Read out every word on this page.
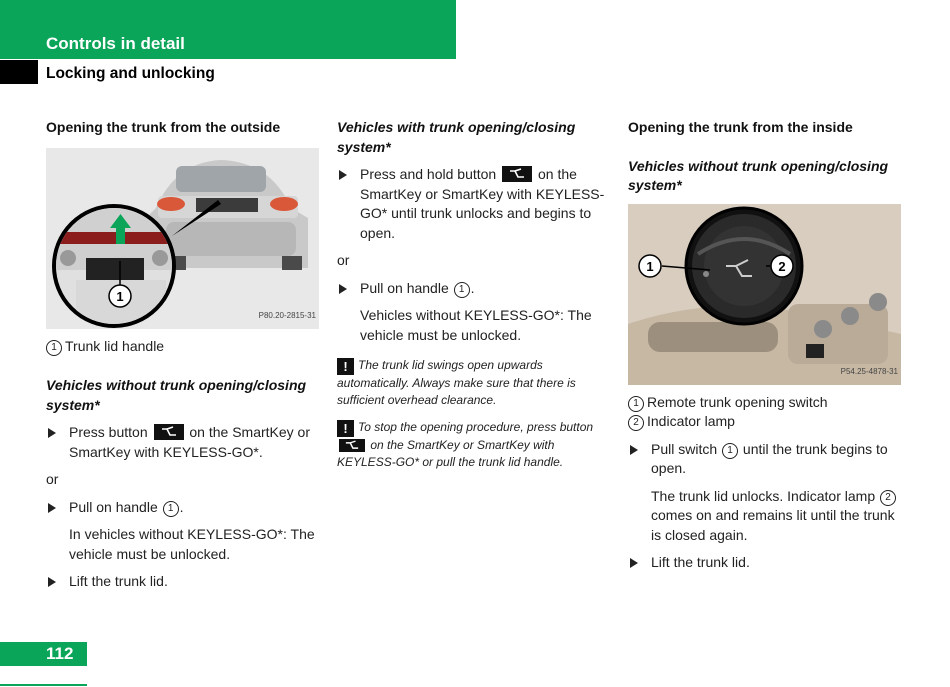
Controls in detail
Locking and unlocking
Opening the trunk from the outside
1
P80.20-2815-31
1 Trunk lid handle
Vehicles without trunk opening/closing system*
Press button	on the SmartKey or SmartKey with KEYLESS-GO*.
or
Pull on handle 1 .
In vehicles without KEYLESS-GO*: The vehicle must be unlocked.
Lift the trunk lid.
Vehicles with trunk opening/closing system*
Press and hold button	on the SmartKey or SmartKey with KEYLESS-GO* until trunk unlocks and begins to open.
or
Pull on handle 1 .
Vehicles without KEYLESS-GO*: The vehicle must be unlocked.
! The trunk lid swings open upwards automatically. Always make sure that there is sufficient overhead clearance.
! To stop the opening procedure, press button
on the SmartKey or SmartKey with KEYLESS-GO* or pull the trunk lid handle.
Opening the trunk from the inside
Vehicles without trunk opening/closing system*
1	2
P54.25-4878-31
1 Remote trunk opening switch
2 Indicator lamp
Pull switch 1 until the trunk begins to open.
The trunk lid unlocks. Indicator lamp 2 comes on and remains lit until the trunk is closed again.
Lift the trunk lid.
112
